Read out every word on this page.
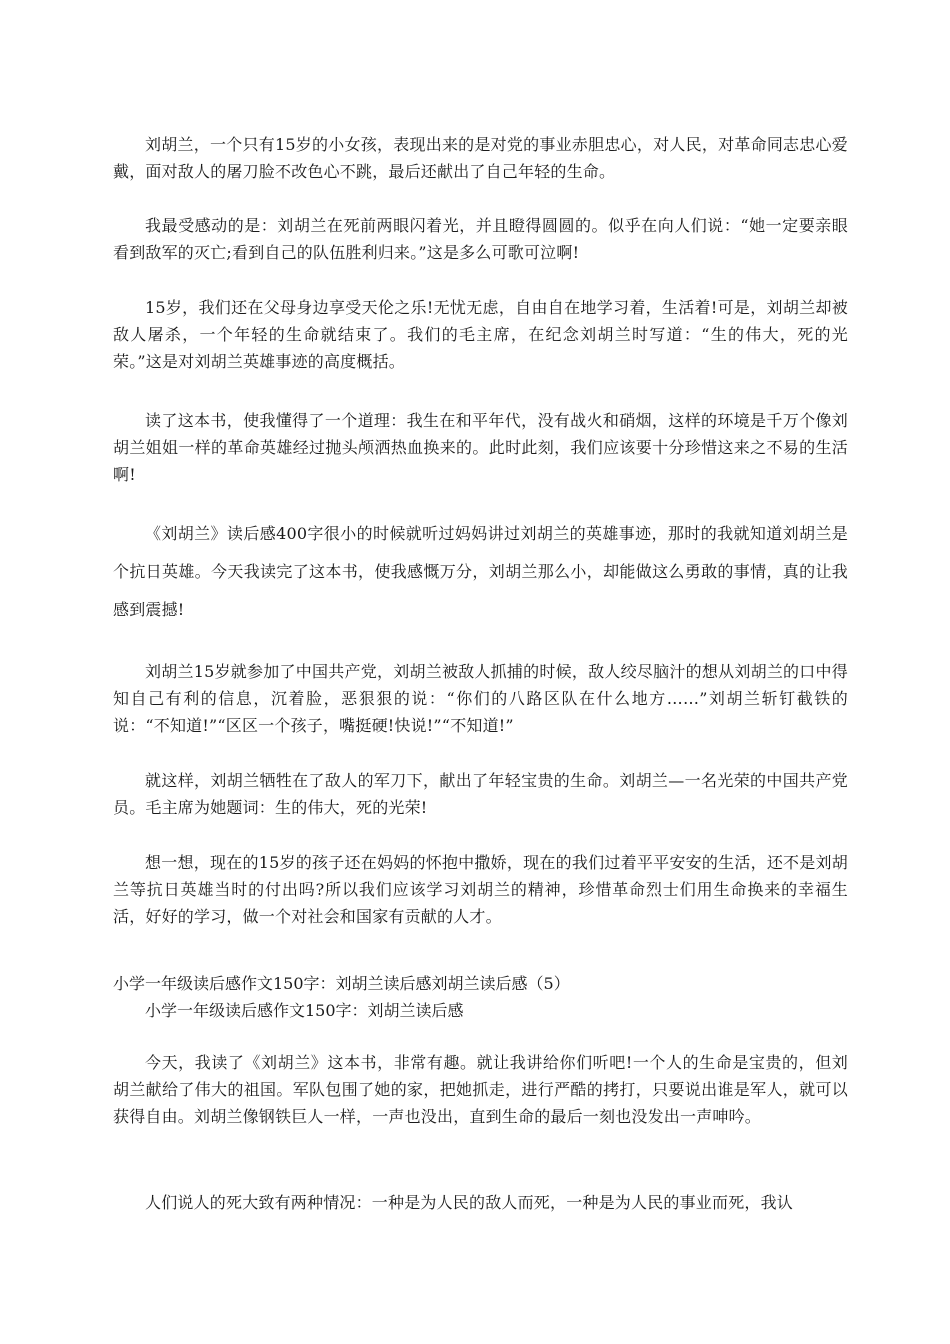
刘胡兰，一个只有15岁的小女孩，表现出来的是对党的事业赤胆忠心，对人民，对革命同志忠心爱戴，面对敌人的屠刀脸不改色心不跳，最后还献出了自己年轻的生命。

我最受感动的是：刘胡兰在死前两眼闪着光，并且瞪得圆圆的。似乎在向人们说：“她一定要亲眼看到敌军的灭亡;看到自己的队伍胜利归来。”这是多么可歌可泣啊!

15岁，我们还在父母身边享受天伦之乐!无忧无虑，自由自在地学习着，生活着!可是，刘胡兰却被敌人屠杀，一个年轻的生命就结束了。我们的毛主席，在纪念刘胡兰时写道：“生的伟大，死的光荣。”这是对刘胡兰英雄事迹的高度概括。

读了这本书，使我懂得了一个道理：我生在和平年代，没有战火和硝烟，这样的环境是千万个像刘胡兰姐姐一样的革命英雄经过抛头颅洒热血换来的。此时此刻，我们应该要十分珍惜这来之不易的生活啊!

《刘胡兰》读后感400字很小的时候就听过妈妈讲过刘胡兰的英雄事迹，那时的我就知道刘胡兰是个抗日英雄。今天我读完了这本书，使我感慨万分，刘胡兰那么小，却能做这么勇敢的事情，真的让我感到震撼!

刘胡兰15岁就参加了中国共产党，刘胡兰被敌人抓捕的时候，敌人绞尽脑汁的想从刘胡兰的口中得知自己有利的信息，沉着脸，恶狠狠的说：“你们的八路区队在什么地方……”刘胡兰斩钉截铁的说：“不知道!”“区区一个孩子，嘴挺硬!快说!”“不知道!”

就这样，刘胡兰牺牲在了敌人的军刀下，献出了年轻宝贵的生命。刘胡兰—一名光荣的中国共产党员。毛主席为她题词：生的伟大，死的光荣!

想一想，现在的15岁的孩子还在妈妈的怀抱中撒娇，现在的我们过着平平安安的生活，还不是刘胡兰等抗日英雄当时的付出吗?所以我们应该学习刘胡兰的精神，珍惜革命烈士们用生命换来的幸福生活，好好的学习，做一个对社会和国家有贡献的人才。

小学一年级读后感作文150字：刘胡兰读后感刘胡兰读后感（5）

小学一年级读后感作文150字：刘胡兰读后感

今天，我读了《刘胡兰》这本书，非常有趣。就让我讲给你们听吧!一个人的生命是宝贵的，但刘胡兰献给了伟大的祖国。军队包围了她的家，把她抓走，进行严酷的拷打，只要说出谁是军人，就可以获得自由。刘胡兰像钢铁巨人一样，一声也没出，直到生命的最后一刻也没发出一声呻吟。

人们说人的死大致有两种情况：一种是为人民的敌人而死，一种是为人民的事业而死，我认
